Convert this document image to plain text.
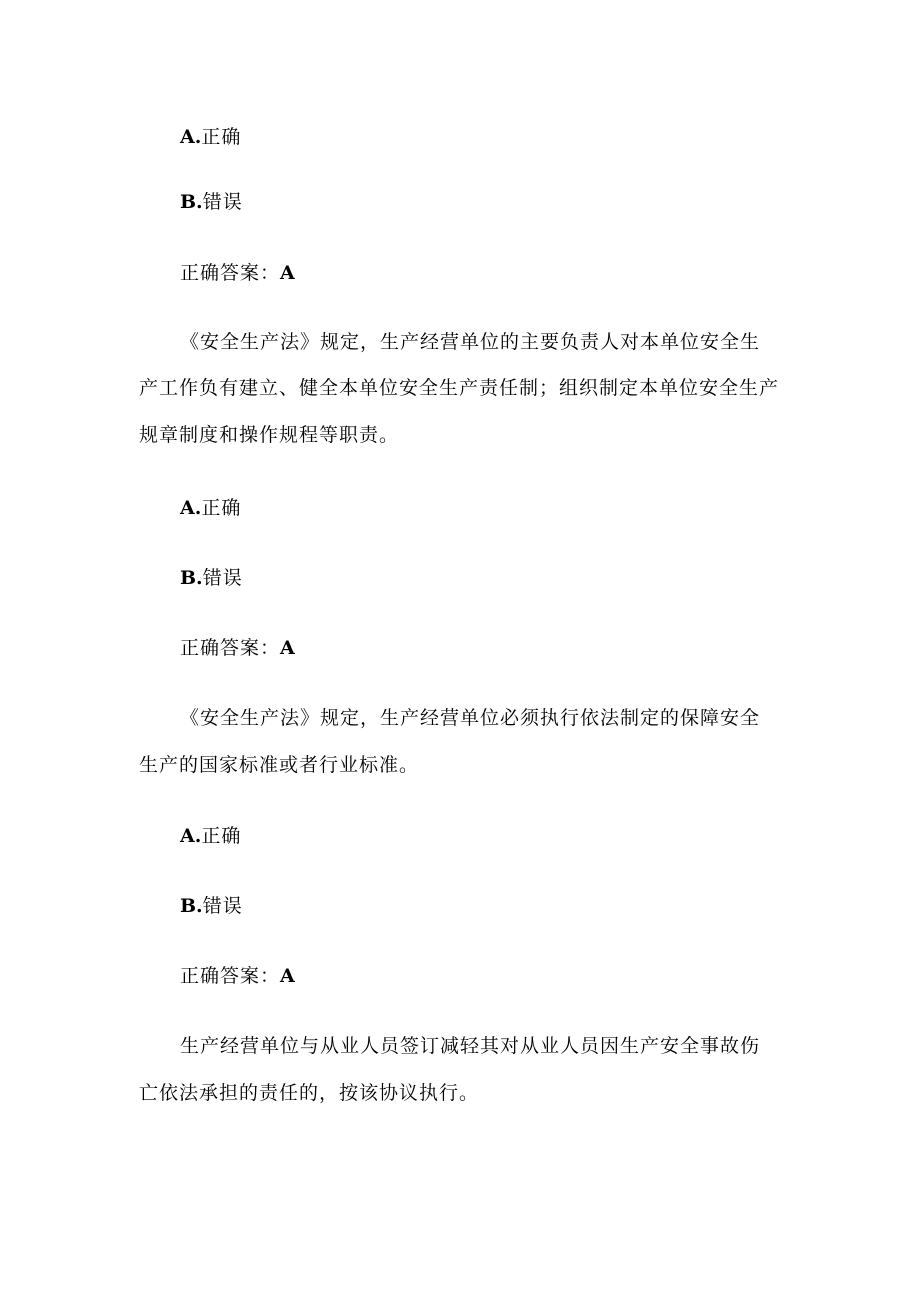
A.正确
B.错误
正确答案：A
《安全生产法》规定，生产经营单位的主要负责人对本单位安全生
产工作负有建立、健全本单位安全生产责任制；组织制定本单位安全生产
规章制度和操作规程等职责。
A.正确
B.错误
正确答案：A
《安全生产法》规定，生产经营单位必须执行依法制定的保障安全
生产的国家标准或者行业标准。
A.正确
B.错误
正确答案：A
生产经营单位与从业人员签订减轻其对从业人员因生产安全事故伤
亡依法承担的责任的，按该协议执行。
